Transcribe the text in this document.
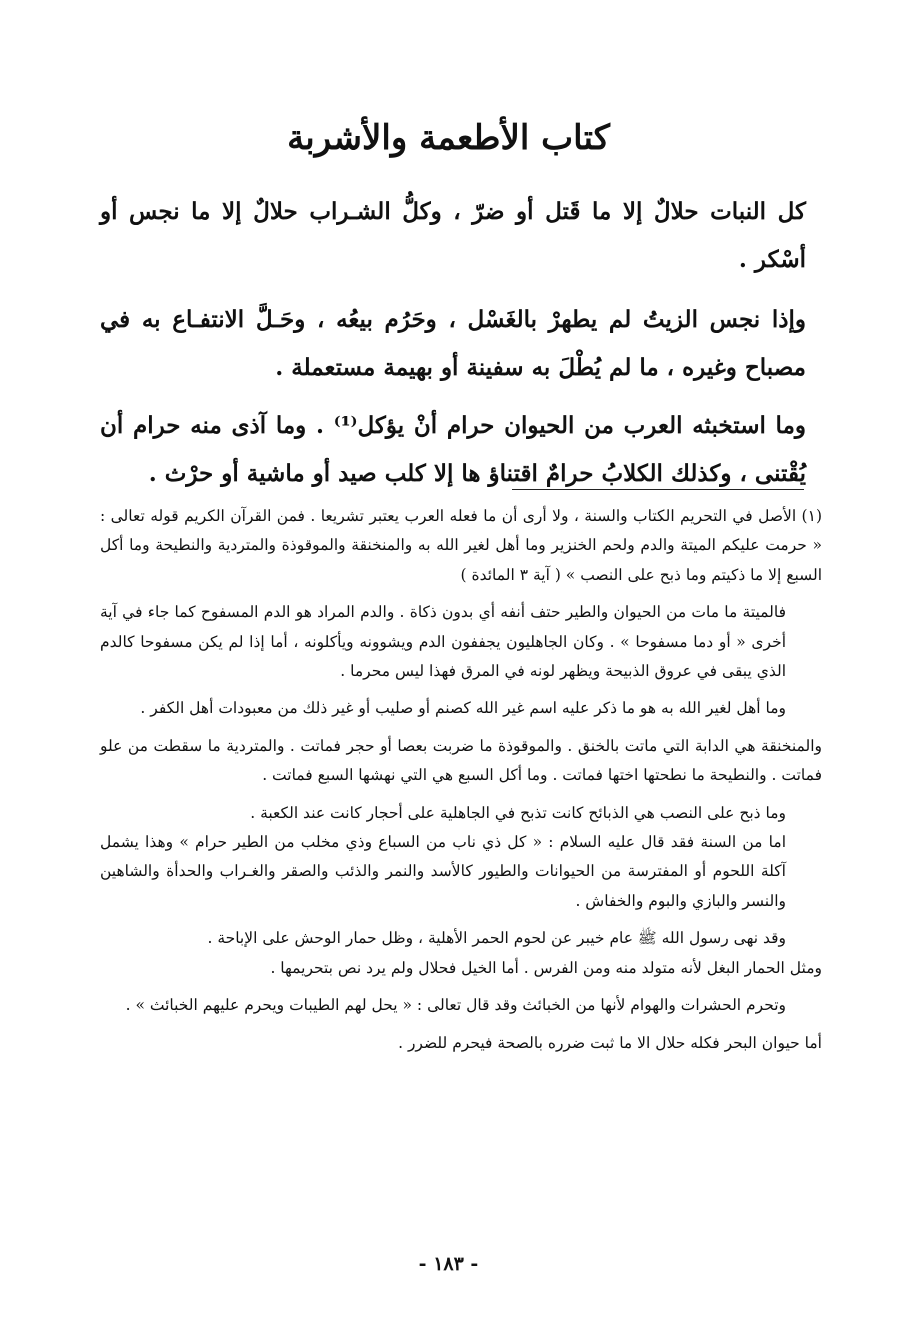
كتاب الأطعمة والأشربة

كل النبات حلالٌ إلا ما قَتل أو ضرّ ، وكلُّ الشـراب حلالٌ إلا ما نجس أو أسْكر .

وإذا نجس الزيتُ لم يطهرْ بالغَسْل ، وحَرُم بيعُه ، وحَـلَّ الانتفـاع به في مصباح وغيره ، ما لم يُطْلَ به سفينة أو بهيمة مستعملة .

وما استخبثه العرب من الحيوان حرام أنْ يؤكل⁽¹⁾ . وما آذى منه حرام أن يُقْتنى ، وكذلك الكلابُ حرامٌ اقتناؤ ها إلا كلب صيد أو ماشية أو حرْث .

(١) الأصل في التحريم الكتاب والسنة ، ولا أرى أن ما فعله العرب يعتبر تشريعا . فمن القرآن الكريم قوله تعالى : « حرمت عليكم الميتة والدم ولحم الخنزير وما أهل لغير الله به والمنخنقة والموقوذة والمتردية والنطيحة وما أكل السبع إلا ما ذكيتم وما ذبح على النصب » ( آية ٣ المائدة )

فالميتة ما مات من الحيوان والطير حتف أنفه أي بدون ذكاة . والدم المراد هو الدم المسفوح كما جاء في آية أخرى « أو دما مسفوحا » . وكان الجاهليون يجففون الدم ويشوونه ويأكلونه ، أما إذا لم يكن مسفوحا كالدم الذي يبقى في عروق الذبيحة ويظهر لونه في المرق فهذا ليس محرما .

وما أهل لغير الله به هو ما ذكر عليه اسم غير الله كصنم أو صليب أو غير ذلك من معبودات أهل الكفر .

والمنخنقة هي الدابة التي ماتت بالخنق . والموقوذة ما ضربت بعصا أو حجر فماتت . والمتردية ما سقطت من علو فماتت . والنطيحة ما نطحتها اختها فماتت . وما أكل السبع هي التي نهشها السبع فماتت .

وما ذبح على النصب هي الذبائح كانت تذبح في الجاهلية على أحجار كانت عند الكعبة .

اما من السنة فقد قال عليه السلام : « كل ذي ناب من السباع وذي مخلب من الطير حرام » وهذا يشمل آكلة اللحوم أو المفترسة من الحيوانات والطيور كالأسد والنمر والذئب والصقر والغـراب والحدأة والشاهين والنسر والبازي والبوم والخفاش .

وقد نهى رسول الله ﷺ عام خيبر عن لحوم الحمر الأهلية ، وظل حمار الوحش على الإباحة .

ومثل الحمار البغل لأنه متولد منه ومن الفرس . أما الخيل فحلال ولم يرد نص بتحريمها .

وتحرم الحشرات والهوام لأنها من الخبائث وقد قال تعالى : « يحل لهم الطيبات ويحرم عليهم الخبائث » .

أما حيوان البحر فكله حلال الا ما ثبت ضرره بالصحة فيحرم للضرر .

- ١٨٣ -
